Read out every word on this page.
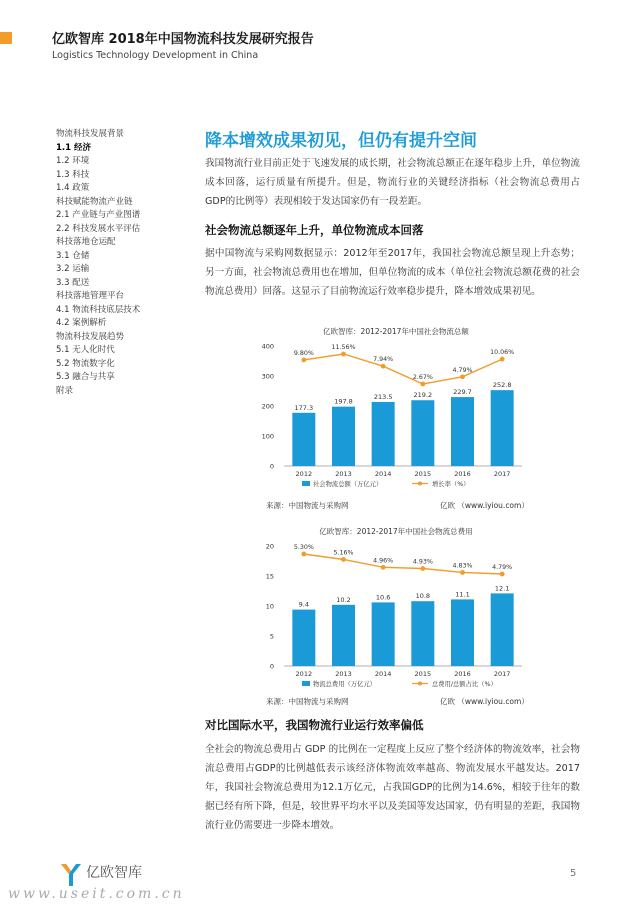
亿欧智库 2018年中国物流科技发展研究报告
Logistics Technology Development in China
物流科技发展背景
1.1 经济
1.2 环境
1.3 科技
1.4 政策
科技赋能物流产业链
2.1 产业链与产业图谱
2.2 科技发展水平评估
科技落地仓运配
3.1 仓储
3.2 运输
3.3 配送
科技落地管理平台
4.1 物流科技底层技术
4.2 案例解析
物流科技发展趋势
5.1 无人化时代
5.2 物流数字化
5.3 融合与共享
附录
降本增效成果初见，但仍有提升空间
我国物流行业目前正处于飞速发展的成长期，社会物流总额正在逐年稳步上升，单位物流成本回落，运行质量有所提升。但是，物流行业的关键经济指标（社会物流总费用占GDP的比例等）表现相较于发达国家仍有一段差距。
社会物流总额逐年上升，单位物流成本回落
据中国物流与采购网数据显示：2012年至2017年，我国社会物流总额呈现上升态势；另一方面，社会物流总费用也在增加，但单位物流的成本（单位社会物流总额花费的社会物流总费用）回落。这显示了目前物流运行效率稳步提升，降本增效成果初见。
亿欧智库：2012-2017年中国社会物流总额
0
100
200
300
400
177.3
2012
197.8
2013
213.5
2014
219.2
2015
229.7
2016
252.8
2017
9.80%
11.56%
7.94%
2.67%
4.79%
10.06%
社会物流总额（万亿元）	增长率（%）
来源：中国物流与采购网	亿欧 （www.iyiou.com）
亿欧智库：2012-2017年中国社会物流总费用
0
5
10
15
20
9.4
2012
10.2
2013
10.6
2014
10.8
2015
11.1
2016
12.1
2017
5.30%
5.16%
4.96%	4.93%
4.83%	4.79%
物流总费用（万亿元）	总费用/总额占比（%）
来源：中国物流与采购网	亿欧 （www.iyiou.com）
对比国际水平，我国物流行业运行效率偏低
全社会的物流总费用占 GDP 的比例在一定程度上反应了整个经济体的物流效率，社会物流总费用占GDP的比例越低表示该经济体物流效率越高、物流发展水平越发达。2017年，我国社会物流总费用为12.1万亿元，占我国GDP的比例为14.6%，相较于往年的数据已经有所下降，但是，较世界平均水平以及美国等发达国家，仍有明显的差距，我国物流行业仍需要进一步降本增效。
亿欧智库	5
www.useit.com.cn
